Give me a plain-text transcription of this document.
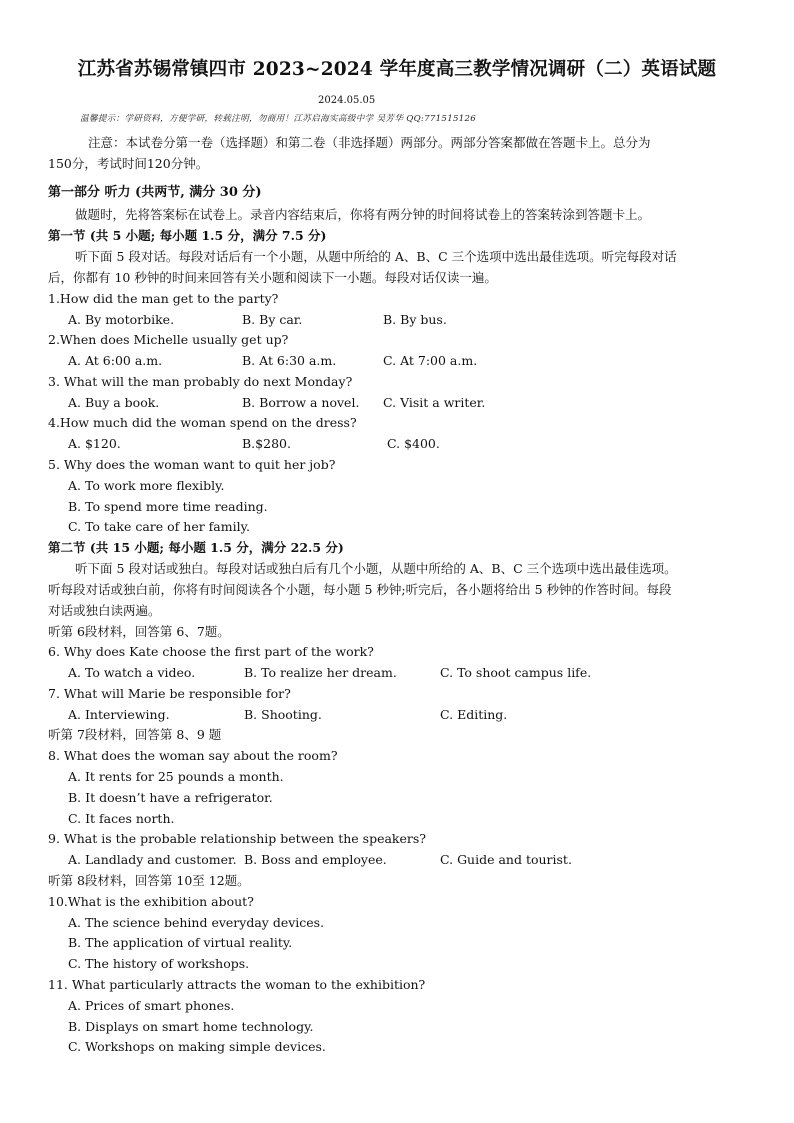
江苏省苏锡常镇四市 2023~2024 学年度高三教学情况调研（二）英语试题
2024.05.05
温馨提示：学研资料，方便学研，转载注明，勿商用！江苏启海实高级中学 吴芳华 QQ:771515126
注意：本试卷分第一卷（选择题）和第二卷（非选择题）两部分。两部分答案都做在答题卡上。总分为
150分，考试时间120分钟。
第一部分 听力 (共两节, 满分 30 分)
做题时，先将答案标在试卷上。录音内容结束后，你将有两分钟的时间将试卷上的答案转涂到答题卡上。
第一节 (共 5 小题; 每小题 1.5 分，满分 7.5 分)
听下面 5 段对话。每段对话后有一个小题，从题中所给的 A、B、C 三个选项中选出最佳选项。听完每段对话
后，你都有 10 秒钟的时间来回答有关小题和阅读下一小题。每段对话仅读一遍。
1.How did the man get to the party?
A. By motorbike.	B. By car.	B. By bus.
2.When does Michelle usually get up?
A. At 6:00 a.m.	B. At 6:30 a.m.	C. At 7:00 a.m.
3. What will the man probably do next Monday?
A. Buy a book.	B. Borrow a novel. C. Visit a writer.
4.How much did the woman spend on the dress?
A. $120.	B.$280.	C. $400.
5. Why does the woman want to quit her job?
A. To work more flexibly.
B. To spend more time reading.
C. To take care of her family.
第二节 (共 15 小题; 每小题 1.5 分，满分 22.5 分)
听下面 5 段对话或独白。每段对话或独白后有几个小题，从题中所给的 A、B、C 三个选项中选出最佳选项。
听每段对话或独白前，你将有时间阅读各个小题，每小题 5 秒钟;听完后，各小题将给出 5 秒钟的作答时间。每段
对话或独白读两遍。
听第 6段材料，回答第 6、7题。
6. Why does Kate choose the first part of the work?
A. To watch a video.	B. To realize her dream.	C. To shoot campus life.
7. What will Marie be responsible for?
A. Interviewing.	B. Shooting.	C. Editing.
听第 7段材料，回答第 8、9 题
8. What does the woman say about the room?
A. It rents for 25 pounds a month.
B. It doesn’t have a refrigerator.
C. It faces north.
9. What is the probable relationship between the speakers?
A. Landlady and customer. B. Boss and employee.	C. Guide and tourist.
听第 8段材料，回答第 10至 12题。
10.What is the exhibition about?
A. The science behind everyday devices.
B. The application of virtual reality.
C. The history of workshops.
11. What particularly attracts the woman to the exhibition?
A. Prices of smart phones.
B. Displays on smart home technology.
C. Workshops on making simple devices.
